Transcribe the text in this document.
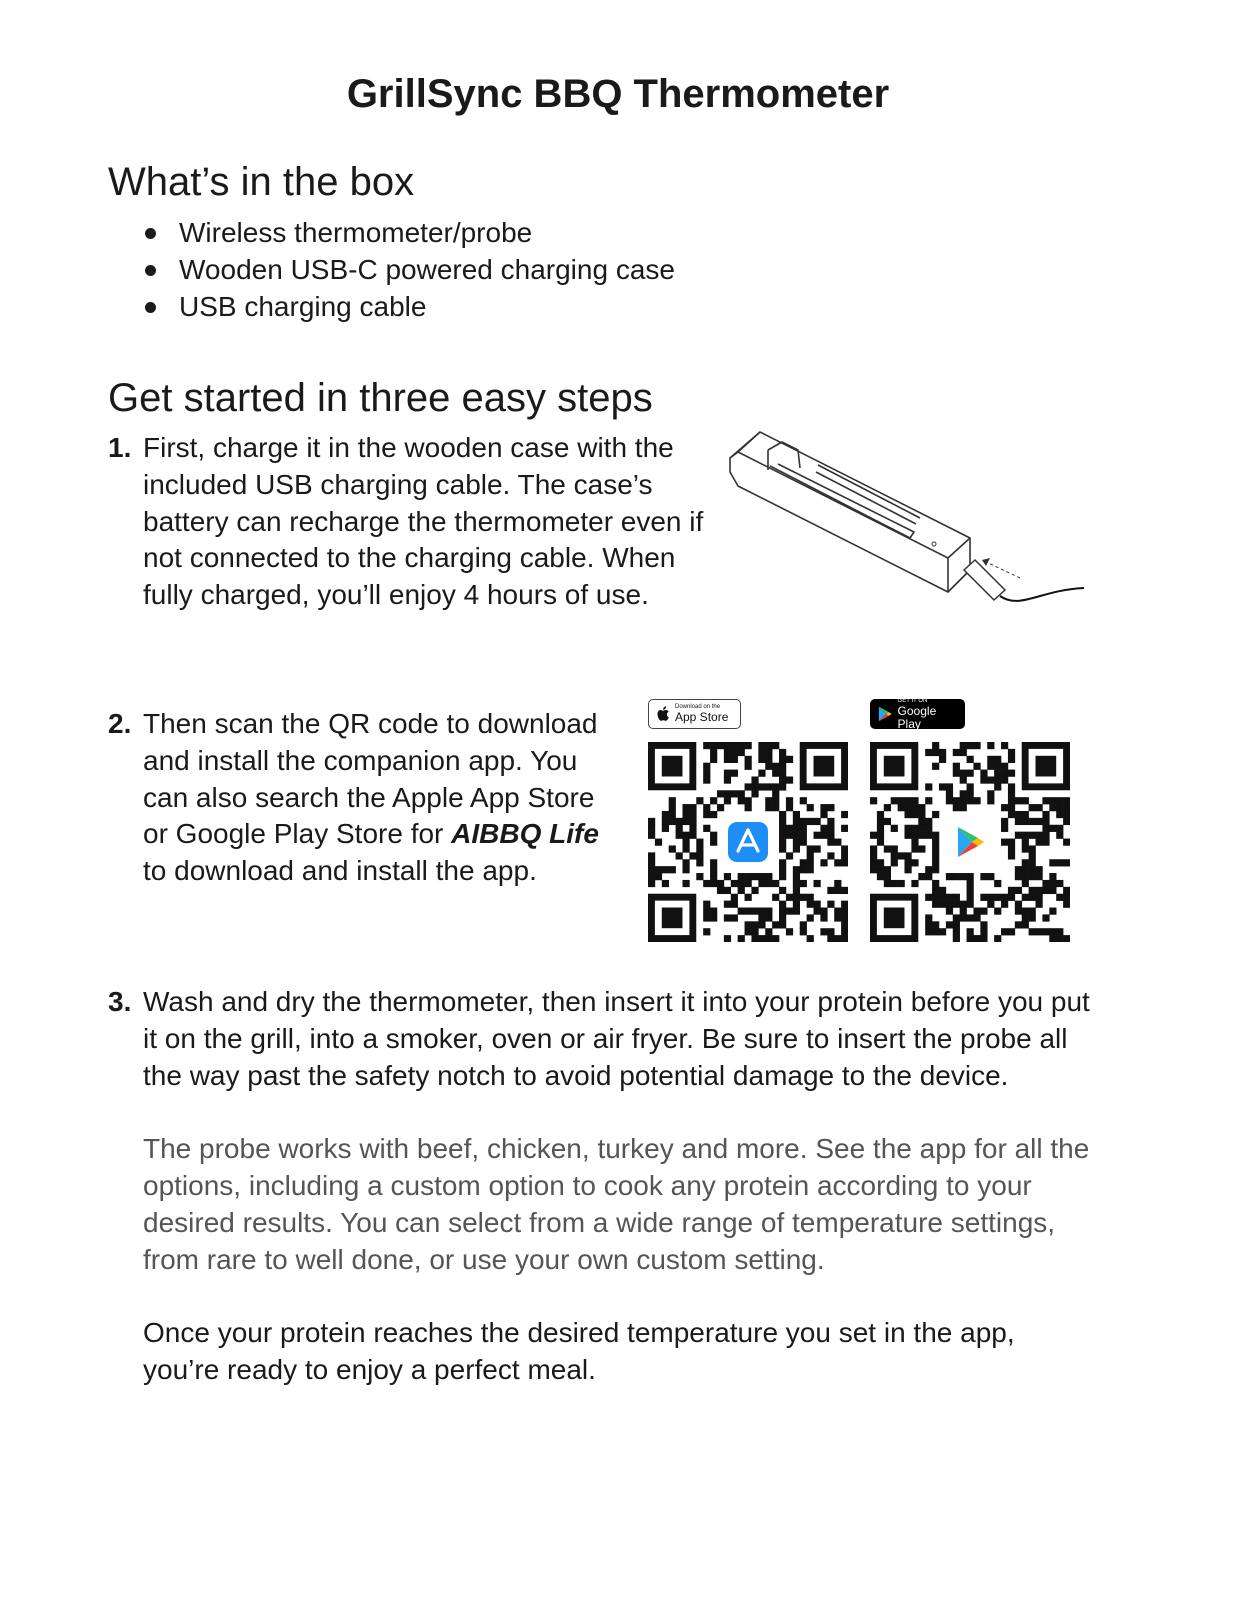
GrillSync BBQ Thermometer
What’s in the box
Wireless thermometer/probe
Wooden USB-C powered charging case
USB charging cable
Get started in three easy steps
1. First, charge it in the wooden case with the
included USB charging cable. The case’s
battery can recharge the thermometer even if
not connected to the charging cable. When
fully charged, you’ll enjoy 4 hours of use.
2. Then scan the QR code to download
and install the companion app. You
can also search the Apple App Store
or Google Play Store for AIBBQ Life
to download and install the app.
Download on the
App Store
GET IT ON
Google Play
3. Wash and dry the thermometer, then insert it into your protein before you put
it on the grill, into a smoker, oven or air fryer. Be sure to insert the probe all
the way past the safety notch to avoid potential damage to the device.
The probe works with beef, chicken, turkey and more. See the app for all the
options, including a custom option to cook any protein according to your
desired results. You can select from a wide range of temperature settings,
from rare to well done, or use your own custom setting.
Once your protein reaches the desired temperature you set in the app,
you’re ready to enjoy a perfect meal.
